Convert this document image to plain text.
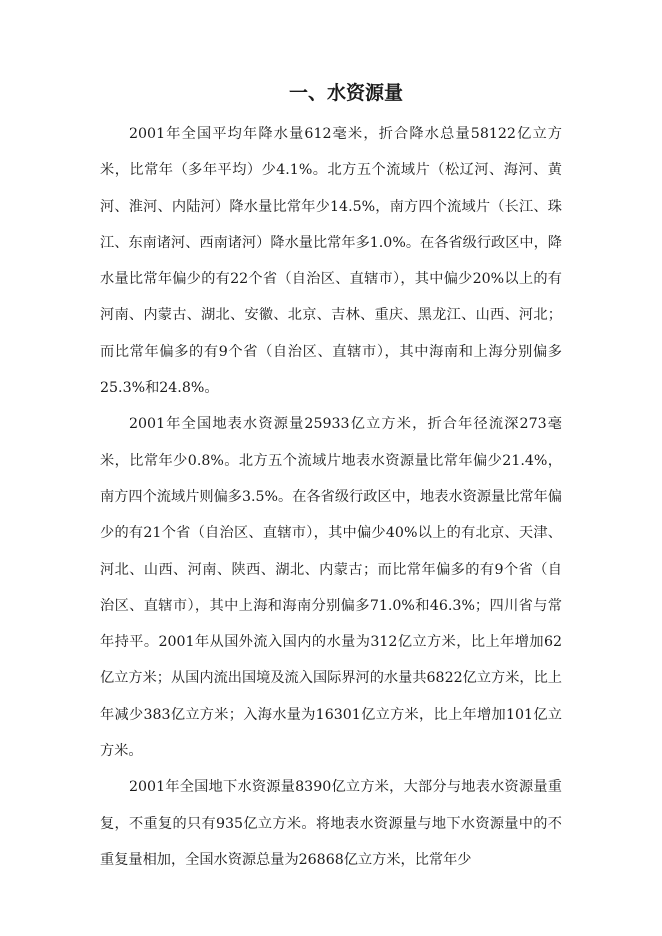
一、水资源量

2001年全国平均年降水量612毫米，折合降水总量58122亿立方米，比常年（多年平均）少4.1%。北方五个流域片（松辽河、海河、黄河、淮河、内陆河）降水量比常年少14.5%，南方四个流域片（长江、珠江、东南诸河、西南诸河）降水量比常年多1.0%。在各省级行政区中，降水量比常年偏少的有22个省（自治区、直辖市），其中偏少20%以上的有河南、内蒙古、湖北、安徽、北京、吉林、重庆、黑龙江、山西、河北；而比常年偏多的有9个省（自治区、直辖市），其中海南和上海分别偏多25.3%和24.8%。

2001年全国地表水资源量25933亿立方米，折合年径流深273毫米，比常年少0.8%。北方五个流域片地表水资源量比常年偏少21.4%，南方四个流域片则偏多3.5%。在各省级行政区中，地表水资源量比常年偏少的有21个省（自治区、直辖市），其中偏少40%以上的有北京、天津、河北、山西、河南、陕西、湖北、内蒙古；而比常年偏多的有9个省（自治区、直辖市），其中上海和海南分别偏多71.0%和46.3%；四川省与常年持平。2001年从国外流入国内的水量为312亿立方米，比上年增加62亿立方米；从国内流出国境及流入国际界河的水量共6822亿立方米，比上年减少383亿立方米；入海水量为16301亿立方米，比上年增加101亿立方米。

2001年全国地下水资源量8390亿立方米，大部分与地表水资源量重复，不重复的只有935亿立方米。将地表水资源量与地下水资源量中的不重复量相加，全国水资源总量为26868亿立方米，比常年少
